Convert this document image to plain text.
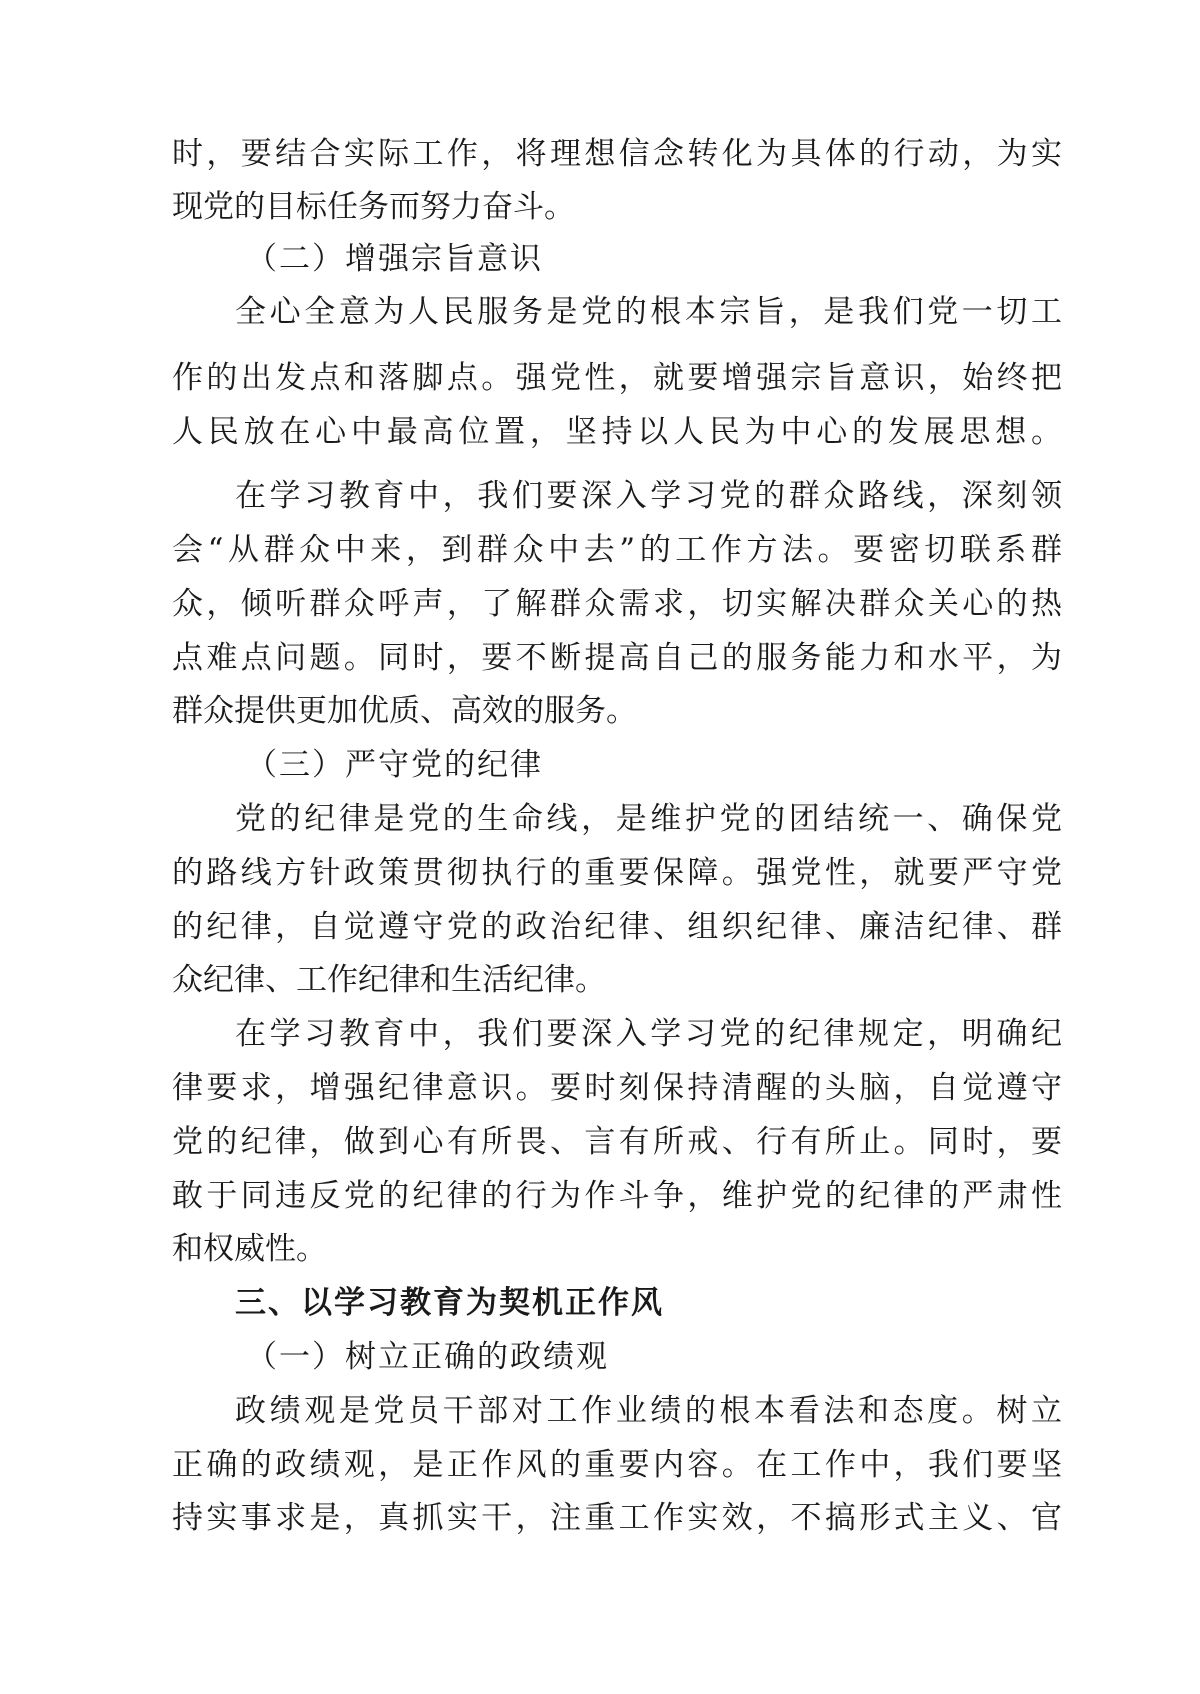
时，要结合实际工作，将理想信念转化为具体的行动，为实
现党的目标任务而努力奋斗。
（二）增强宗旨意识
全心全意为人民服务是党的根本宗旨，是我们党一切工
作的出发点和落脚点。强党性，就要增强宗旨意识，始终把
人民放在心中最高位置，坚持以人民为中心的发展思想。
在学习教育中，我们要深入学习党的群众路线，深刻领
会“从群众中来，到群众中去”的工作方法。要密切联系群
众，倾听群众呼声，了解群众需求，切实解决群众关心的热
点难点问题。同时，要不断提高自己的服务能力和水平，为
群众提供更加优质、高效的服务。
（三）严守党的纪律
党的纪律是党的生命线，是维护党的团结统一、确保党
的路线方针政策贯彻执行的重要保障。强党性，就要严守党
的纪律，自觉遵守党的政治纪律、组织纪律、廉洁纪律、群
众纪律、工作纪律和生活纪律。
在学习教育中，我们要深入学习党的纪律规定，明确纪
律要求，增强纪律意识。要时刻保持清醒的头脑，自觉遵守
党的纪律，做到心有所畏、言有所戒、行有所止。同时，要
敢于同违反党的纪律的行为作斗争，维护党的纪律的严肃性
和权威性。
三、以学习教育为契机正作风
（一）树立正确的政绩观
政绩观是党员干部对工作业绩的根本看法和态度。树立
正确的政绩观，是正作风的重要内容。在工作中，我们要坚
持实事求是，真抓实干，注重工作实效，不搞形式主义、官
